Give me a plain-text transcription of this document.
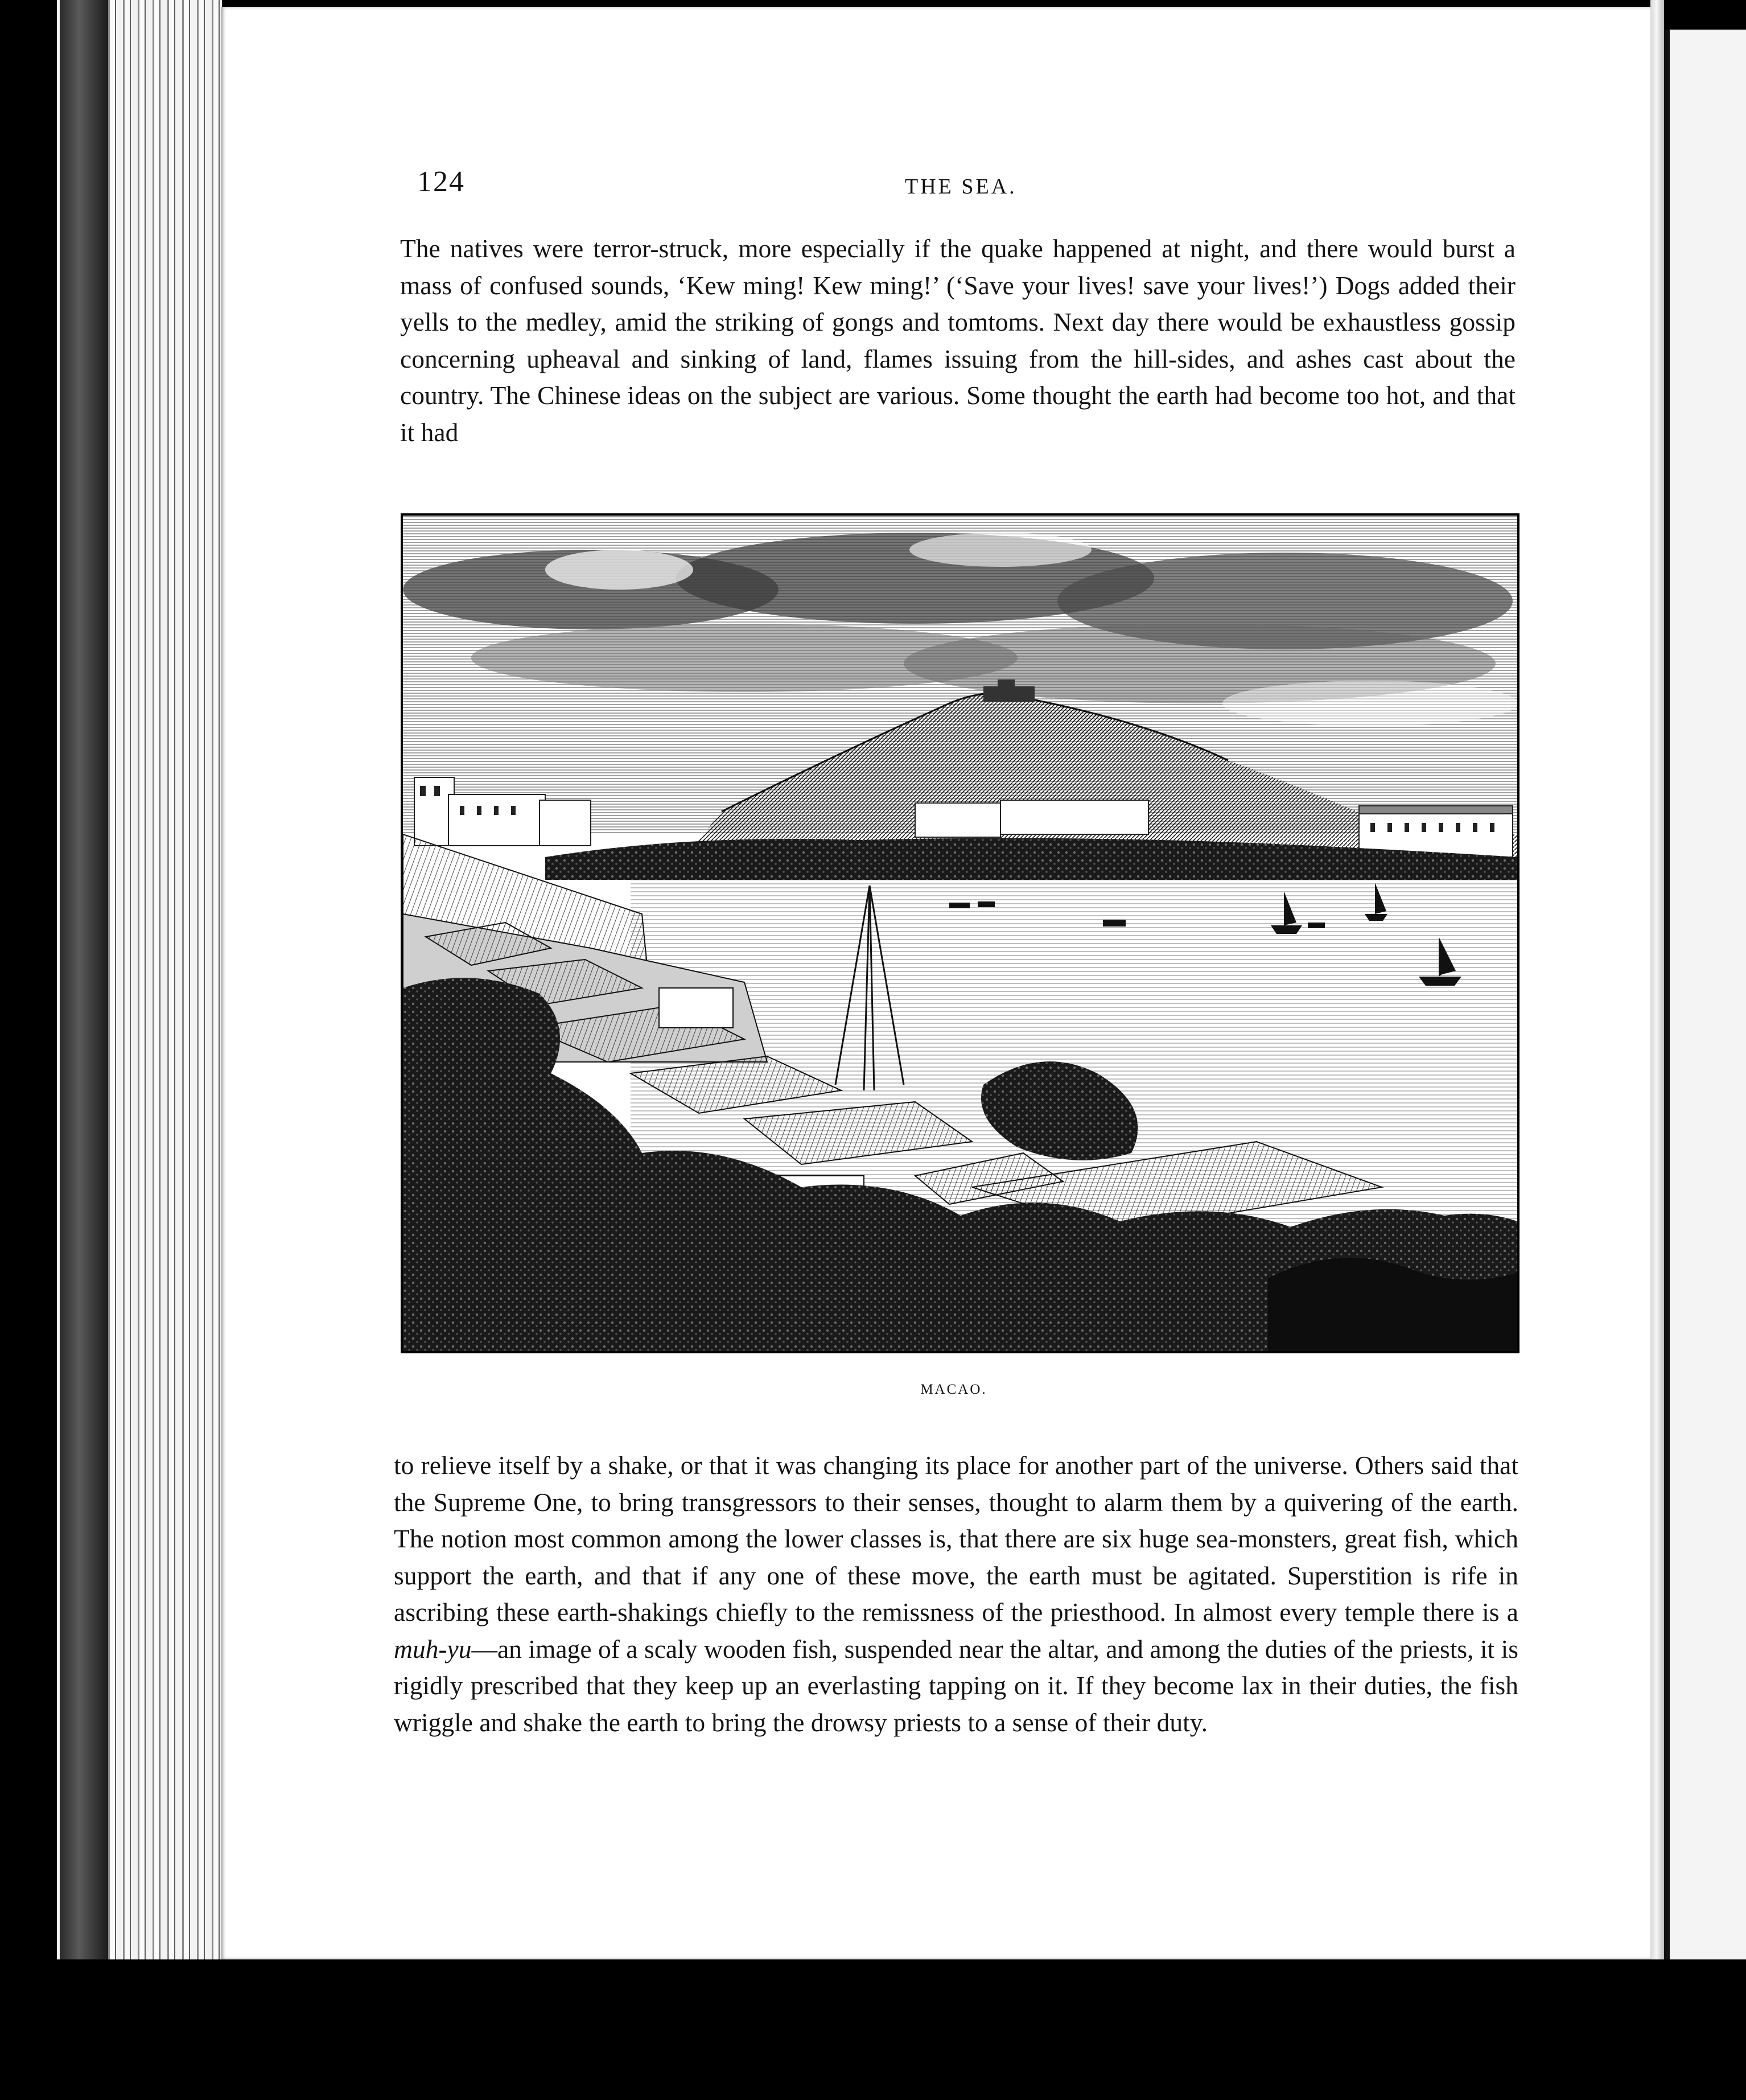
124	THE SEA.

The natives were terror-struck, more especially if the quake happened at night, and there would burst a mass of confused sounds, ‘Kew ming! Kew ming!’ (‘Save your lives! save your lives!’) Dogs added their yells to the medley, amid the striking of gongs and tomtoms. Next day there would be exhaustless gossip concerning upheaval and sinking of land, flames issuing from the hill-sides, and ashes cast about the country. The Chinese ideas on the subject are various. Some thought the earth had become too hot, and that it had

MACAO.

to relieve itself by a shake, or that it was changing its place for another part of the universe. Others said that the Supreme One, to bring transgressors to their senses, thought to alarm them by a quivering of the earth. The notion most common among the lower classes is, that there are six huge sea-monsters, great fish, which support the earth, and that if any one of these move, the earth must be agitated. Superstition is rife in ascribing these earth-shakings chiefly to the remissness of the priesthood. In almost every temple there is a muh-yu—an image of a scaly wooden fish, suspended near the altar, and among the duties of the priests, it is rigidly prescribed that they keep up an everlasting tapping on it. If they become lax in their duties, the fish wriggle and shake the earth to bring the drowsy priests to a sense of their duty.
